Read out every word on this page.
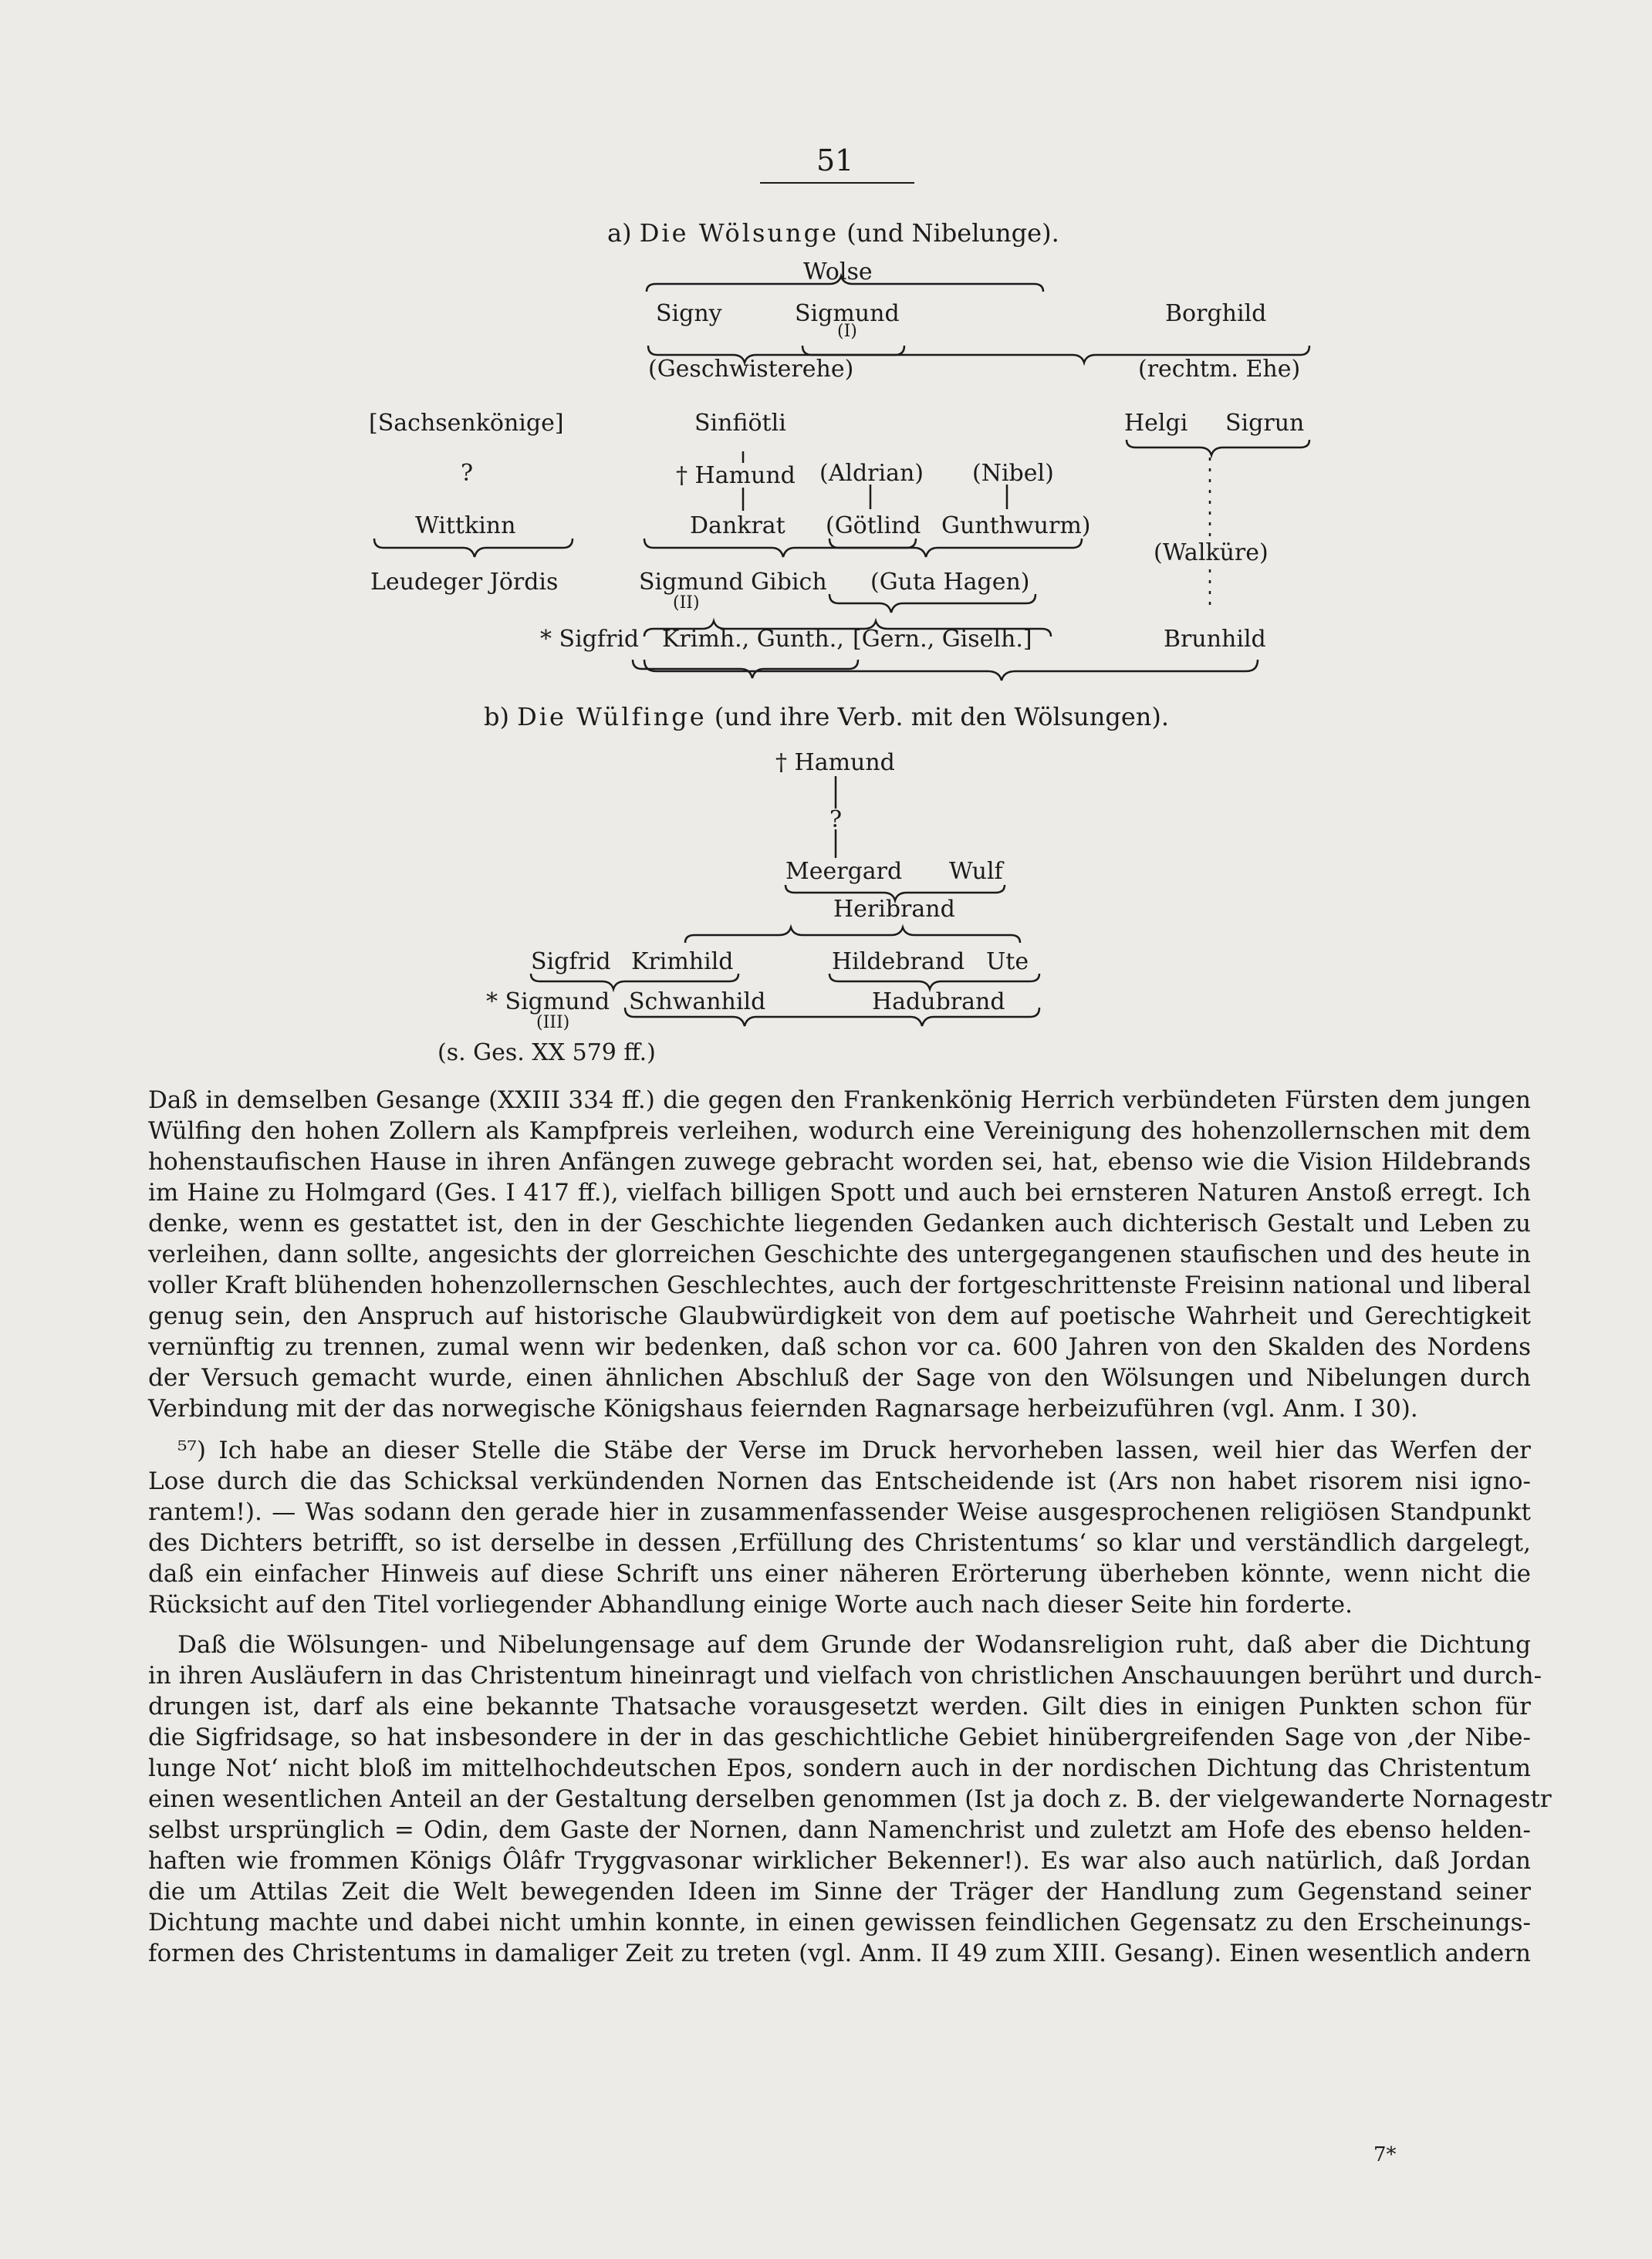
51
a) Die Wölsunge (und Nibelunge).
Wolse
Signy	Sigmund
(I)
Borghild
(Geschwisterehe)	(rechtm. Ehe)
[Sachsenkönige]	Sinfiötli	Helgi Sigrun
?	† Hamund (Aldrian) (Nibel)
Wittkinn	Dankrat (Götlind Gunthwurm)
(Walküre)
Leudeger Jördis	Sigmund Gibich
(II)
(Guta Hagen)
* Sigfrid Krimh., Gunth., [Gern., Giselh.]	Brunhild
b) Die Wülfinge (und ihre Verb. mit den Wölsungen).
† Hamund
?
Meergard Wulf
Heribrand
Sigfrid Krimhild	Hildebrand Ute
* Sigmund Schwanhild	Hadubrand
(III)
(s. Ges. XX 579 ff.)
Daß in demselben Gesange (XXIII 334 ff.) die gegen den Frankenkönig Herrich verbündeten Fürsten dem jungen
Wülfing den hohen Zollern als Kampfpreis verleihen, wodurch eine Vereinigung des hohenzollernschen mit dem
hohenstaufischen Hause in ihren Anfängen zuwege gebracht worden sei, hat, ebenso wie die Vision Hildebrands
im Haine zu Holmgard (Ges. I 417 ff.), vielfach billigen Spott und auch bei ernsteren Naturen Anstoß erregt. Ich
denke, wenn es gestattet ist, den in der Geschichte liegenden Gedanken auch dichterisch Gestalt und Leben zu
verleihen, dann sollte, angesichts der glorreichen Geschichte des untergegangenen staufischen und des heute in
voller Kraft blühenden hohenzollernschen Geschlechtes, auch der fortgeschrittenste Freisinn national und liberal
genug sein, den Anspruch auf historische Glaubwürdigkeit von dem auf poetische Wahrheit und Gerechtigkeit
vernünftig zu trennen, zumal wenn wir bedenken, daß schon vor ca. 600 Jahren von den Skalden des Nordens
der Versuch gemacht wurde, einen ähnlichen Abschluß der Sage von den Wölsungen und Nibelungen durch
Verbindung mit der das norwegische Königshaus feiernden Ragnarsage herbeizuführen (vgl. Anm. I 30).
⁵⁷) Ich habe an dieser Stelle die Stäbe der Verse im Druck hervorheben lassen, weil hier das Werfen der
Lose durch die das Schicksal verkündenden Nornen das Entscheidende ist (Ars non habet risorem nisi igno-
rantem!). — Was sodann den gerade hier in zusammenfassender Weise ausgesprochenen religiösen Standpunkt
des Dichters betrifft, so ist derselbe in dessen ‚Erfüllung des Christentums‘ so klar und verständlich dargelegt,
daß ein einfacher Hinweis auf diese Schrift uns einer näheren Erörterung überheben könnte, wenn nicht die
Rücksicht auf den Titel vorliegender Abhandlung einige Worte auch nach dieser Seite hin forderte.
Daß die Wölsungen- und Nibelungensage auf dem Grunde der Wodansreligion ruht, daß aber die Dichtung
in ihren Ausläufern in das Christentum hineinragt und vielfach von christlichen Anschauungen berührt und durch-
drungen ist, darf als eine bekannte Thatsache vorausgesetzt werden. Gilt dies in einigen Punkten schon für
die Sigfridsage, so hat insbesondere in der in das geschichtliche Gebiet hinübergreifenden Sage von ‚der Nibe-
lunge Not‘ nicht bloß im mittelhochdeutschen Epos, sondern auch in der nordischen Dichtung das Christentum
einen wesentlichen Anteil an der Gestaltung derselben genommen (Ist ja doch z. B. der vielgewanderte Nornagestr
selbst ursprünglich = Odin, dem Gaste der Nornen, dann Namenchrist und zuletzt am Hofe des ebenso helden-
haften wie frommen Königs Ôlâfr Tryggvasonar wirklicher Bekenner!). Es war also auch natürlich, daß Jordan
die um Attilas Zeit die Welt bewegenden Ideen im Sinne der Träger der Handlung zum Gegenstand seiner
Dichtung machte und dabei nicht umhin konnte, in einen gewissen feindlichen Gegensatz zu den Erscheinungs-
formen des Christentums in damaliger Zeit zu treten (vgl. Anm. II 49 zum XIII. Gesang). Einen wesentlich andern
7*
